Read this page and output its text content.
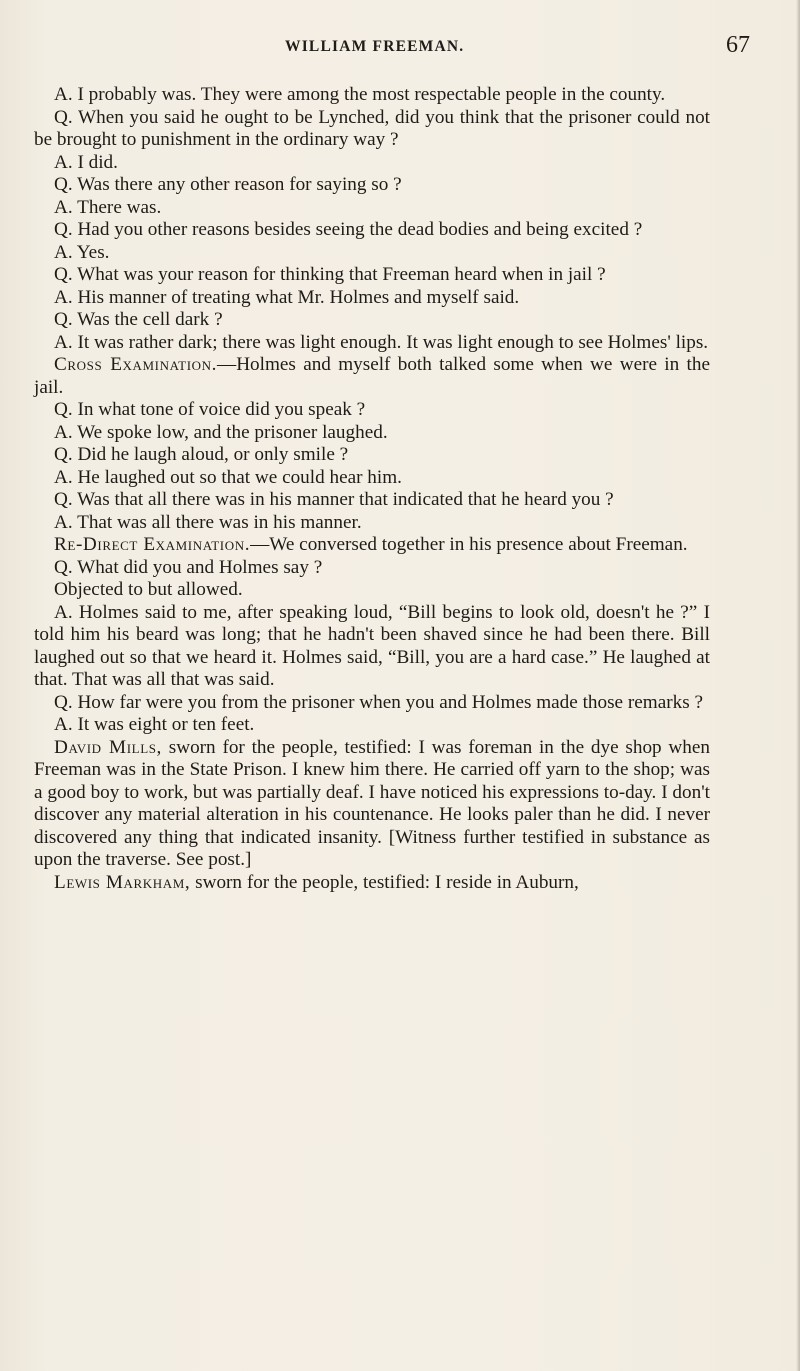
WILLIAM FREEMAN.	67

A. I probably was. They were among the most respectable people in the county.

Q. When you said he ought to be Lynched, did you think that the prisoner could not be brought to punishment in the ordinary way ?

A. I did.

Q. Was there any other reason for saying so ?

A. There was.

Q. Had you other reasons besides seeing the dead bodies and being excited ?

A. Yes.

Q. What was your reason for thinking that Freeman heard when in jail ?

A. His manner of treating what Mr. Holmes and myself said.

Q. Was the cell dark ?

A. It was rather dark; there was light enough. It was light enough to see Holmes' lips.

Cross Examination.—Holmes and myself both talked some when we were in the jail.

Q. In what tone of voice did you speak ?

A. We spoke low, and the prisoner laughed.

Q. Did he laugh aloud, or only smile ?

A. He laughed out so that we could hear him.

Q. Was that all there was in his manner that indicated that he heard you ?

A. That was all there was in his manner.

Re-Direct Examination.—We conversed together in his presence about Freeman.

Q. What did you and Holmes say ?

Objected to but allowed.

A. Holmes said to me, after speaking loud, “Bill begins to look old, doesn't he ?” I told him his beard was long; that he hadn't been shaved since he had been there. Bill laughed out so that we heard it. Holmes said, “Bill, you are a hard case.” He laughed at that. That was all that was said.

Q. How far were you from the prisoner when you and Holmes made those remarks ?

A. It was eight or ten feet.

David Mills, sworn for the people, testified: I was foreman in the dye shop when Freeman was in the State Prison. I knew him there. He carried off yarn to the shop; was a good boy to work, but was partially deaf. I have noticed his expressions to-day. I don't discover any material alteration in his countenance. He looks paler than he did. I never discovered any thing that indicated insanity. [Witness further testified in substance as upon the traverse. See post.]

Lewis Markham, sworn for the people, testified: I reside in Auburn,
